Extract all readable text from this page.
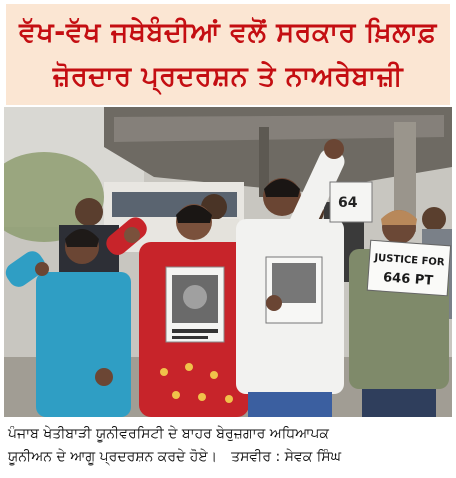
ਵੱਖ-ਵੱਖ ਜਥੇਬੰਦੀਆਂ ਵਲੋਂ ਸਰਕਾਰ ਖ਼ਿਲਾਫ਼
ਜ਼ੋਰਦਾਰ ਪ੍ਰਦਰਸ਼ਨ ਤੇ ਨਾਅਰੇਬਾਜ਼ੀ
64
JUSTICE FOR
646 PT
ਪੰਜਾਬ ਖੇਤੀਬਾੜੀ ਯੂਨੀਵਰਸਿਟੀ ਦੇ ਬਾਹਰ ਬੇਰੁਜ਼ਗਾਰ ਅਧਿਆਪਕ
ਯੂਨੀਅਨ ਦੇ ਆਗੂ ਪ੍ਰਦਰਸ਼ਨ ਕਰਦੇ ਹੋਏ। ਤਸਵੀਰ : ਸੇਵਕ ਸਿੰਘ
